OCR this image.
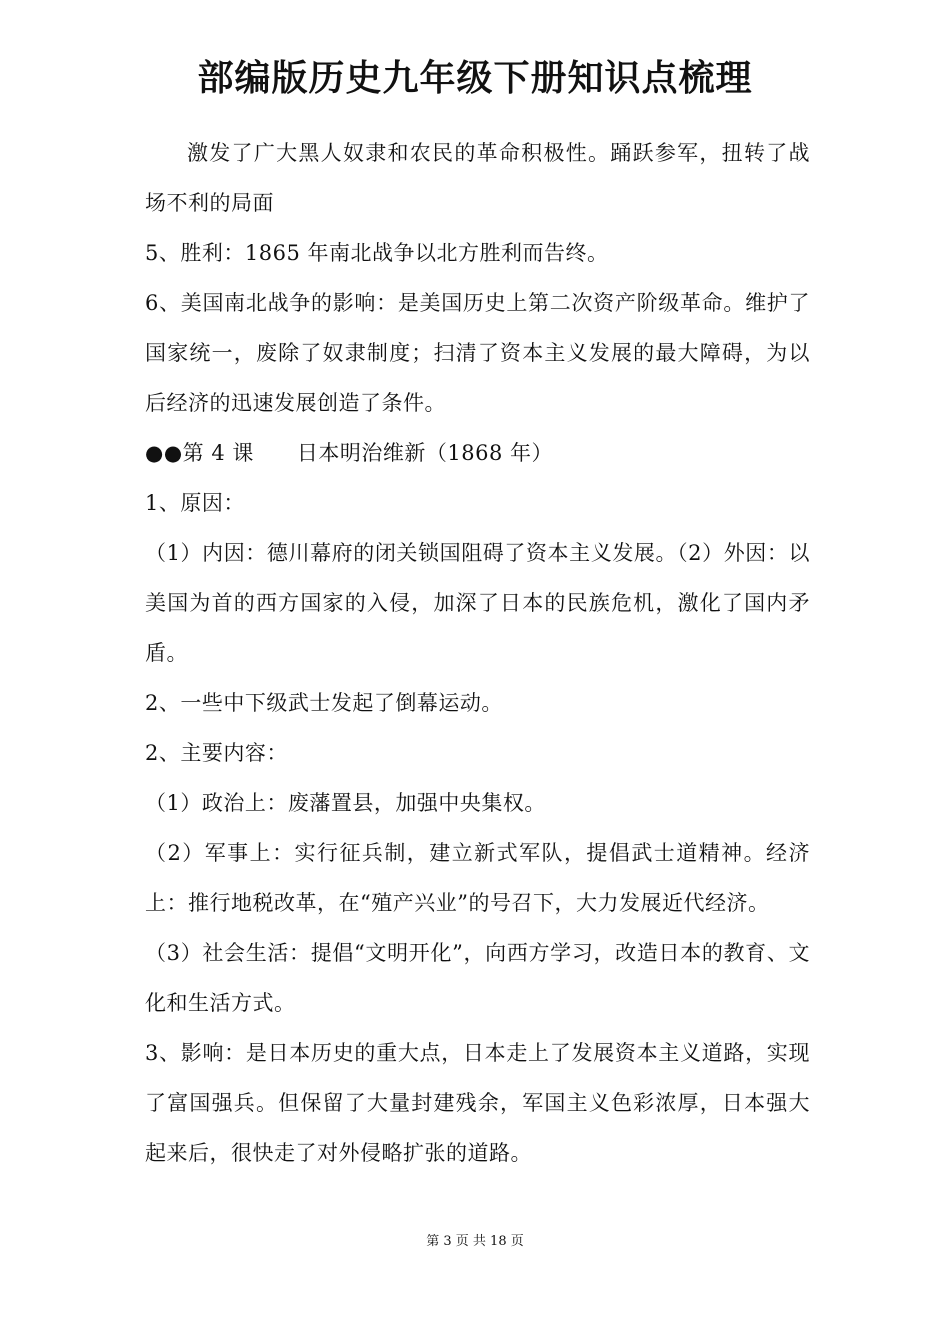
部编版历史九年级下册知识点梳理

激发了广大黑人奴隶和农民的革命积极性。踊跃参军，扭转了战场不利的局面

5、胜利：1865 年南北战争以北方胜利而告终。

6、美国南北战争的影响：是美国历史上第二次资产阶级革命。维护了国家统一，废除了奴隶制度；扫清了资本主义发展的最大障碍，为以后经济的迅速发展创造了条件。

●●第 4 课　　日本明治维新（1868 年）

1、原因：

（1）内因：德川幕府的闭关锁国阻碍了资本主义发展。（2）外因：以美国为首的西方国家的入侵，加深了日本的民族危机，激化了国内矛盾。

2、一些中下级武士发起了倒幕运动。

2、主要内容：

（1）政治上：废藩置县，加强中央集权。

（2）军事上：实行征兵制，建立新式军队，提倡武士道精神。经济上：推行地税改革，在“殖产兴业”的号召下，大力发展近代经济。

（3）社会生活：提倡“文明开化”，向西方学习，改造日本的教育、文化和生活方式。

3、影响：是日本历史的重大点，日本走上了发展资本主义道路，实现了富国强兵。但保留了大量封建残余，军国主义色彩浓厚，日本强大起来后，很快走了对外侵略扩张的道路。

第 3 页 共 18 页
